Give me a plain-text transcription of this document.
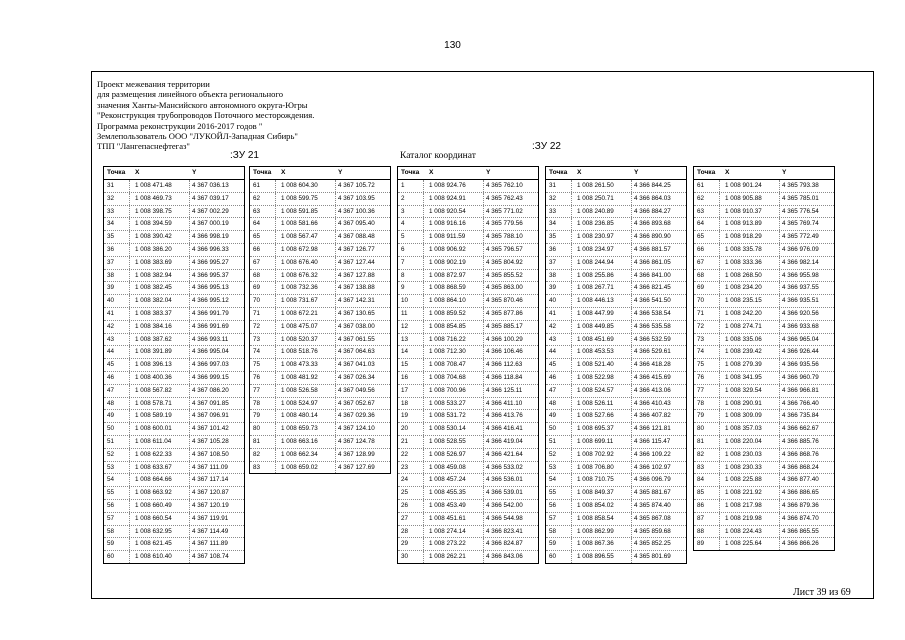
130
Проект межевания территории
для размещения линейного объекта регионального
значения Ханты-Мансийского автономного округа-Югры
"Реконструкция трубопроводов Поточного месторождения.
Программа реконструкции 2016-2017 годов "
Землепользователь ООО "ЛУКОЙЛ-Западная Сибирь"
ТПП "Лангепаснефтегаз"
:ЗУ 21	Каталог координат
:ЗУ 22
Точка	X	Y
31	1 008 471.48	4 367 036.13
32	1 008 469.73	4 367 039.17
33	1 008 398.75	4 367 002.29
34	1 008 394.59	4 367 000.19
35	1 008 390.42	4 366 998.19
36	1 008 386.20	4 366 996.33
37	1 008 383.69	4 366 995.27
38	1 008 382.94	4 366 995.37
39	1 008 382.45	4 366 995.13
40	1 008 382.04	4 366 995.12
41	1 008 383.37	4 366 991.79
42	1 008 384.16	4 366 991.69
43	1 008 387.62	4 366 993.11
44	1 008 391.89	4 366 995.04
45	1 008 396.13	4 366 997.03
46	1 008 400.36	4 366 999.15
47	1 008 567.82	4 367 086.20
48	1 008 578.71	4 367 091.85
49	1 008 589.19	4 367 096.91
50	1 008 600.01	4 367 101.42
51	1 008 611.04	4 367 105.28
52	1 008 622.33	4 367 108.50
53	1 008 633.67	4 367 111.09
54	1 008 664.66	4 367 117.14
55	1 008 663.92	4 367 120.87
56	1 008 660.49	4 367 120.19
57	1 008 660.54	4 367 119.91
58	1 008 632.95	4 367 114.49
59	1 008 621.45	4 367 111.89
60	1 008 610.40	4 367 108.74
Точка	X	Y
61	1 008 604.30	4 367 105.72
62	1 008 599.75	4 367 103.95
63	1 008 591.85	4 367 100.36
64	1 008 581.66	4 367 095.40
65	1 008 567.47	4 367 088.48
66	1 008 672.98	4 367 126.77
67	1 008 676.40	4 367 127.44
68	1 008 676.32	4 367 127.88
69	1 008 732.36	4 367 138.88
70	1 008 731.67	4 367 142.31
71	1 008 672.21	4 367 130.65
72	1 008 475.07	4 367 038.00
73	1 008 520.37	4 367 061.55
74	1 008 518.76	4 367 064.63
75	1 008 473.33	4 367 041.03
76	1 008 481.92	4 367 026.34
77	1 008 526.58	4 367 049.56
78	1 008 524.97	4 367 052.67
79	1 008 480.14	4 367 029.36
80	1 008 659.73	4 367 124.10
81	1 008 663.16	4 367 124.78
82	1 008 662.34	4 367 128.99
83	1 008 659.02	4 367 127.69
Точка	X	Y
1	1 008 924.76	4 365 762.10
2	1 008 924.91	4 365 762.43
3	1 008 920.54	4 365 771.02
4	1 008 916.16	4 365 779.56
5	1 008 911.59	4 365 788.10
6	1 008 906.92	4 365 796.57
7	1 008 902.19	4 365 804.92
8	1 008 872.97	4 365 855.52
9	1 008 868.59	4 365 863.00
10	1 008 864.10	4 365 870.46
11	1 008 859.52	4 365 877.86
12	1 008 854.85	4 365 885.17
13	1 008 716.22	4 366 100.29
14	1 008 712.30	4 366 106.46
15	1 008 708.47	4 366 112.63
16	1 008 704.68	4 366 118.84
17	1 008 700.96	4 366 125.11
18	1 008 533.27	4 366 411.10
19	1 008 531.72	4 366 413.76
20	1 008 530.14	4 366 416.41
21	1 008 528.55	4 366 419.04
22	1 008 526.97	4 366 421.64
23	1 008 459.08	4 366 533.02
24	1 008 457.24	4 366 536.01
25	1 008 455.35	4 366 539.01
26	1 008 453.49	4 366 542.00
27	1 008 451.61	4 366 544.98
28	1 008 274.14	4 366 823.41
29	1 008 273.22	4 366 824.87
30	1 008 262.21	4 366 843.06
Точка	X	Y
31	1 008 261.50	4 366 844.25
32	1 008 250.71	4 366 864.03
33	1 008 240.89	4 366 884.27
34	1 008 236.85	4 366 893.68
35	1 008 230.97	4 366 890.90
36	1 008 234.97	4 366 881.57
37	1 008 244.94	4 366 861.05
38	1 008 255.86	4 366 841.00
39	1 008 267.71	4 366 821.45
40	1 008 446.13	4 366 541.50
41	1 008 447.99	4 366 538.54
42	1 008 449.85	4 366 535.58
43	1 008 451.69	4 366 532.59
44	1 008 453.53	4 366 529.61
45	1 008 521.40	4 366 418.28
46	1 008 522.98	4 366 415.69
47	1 008 524.57	4 366 413.06
48	1 008 526.11	4 366 410.43
49	1 008 527.66	4 366 407.82
50	1 008 695.37	4 366 121.81
51	1 008 699.11	4 366 115.47
52	1 008 702.92	4 366 109.22
53	1 008 706.80	4 366 102.97
54	1 008 710.75	4 366 096.79
55	1 008 849.37	4 365 881.67
56	1 008 854.02	4 365 874.40
57	1 008 858.54	4 365 867.08
58	1 008 862.99	4 365 859.68
59	1 008 867.36	4 365 852.25
60	1 008 896.55	4 365 801.69
Точка	X	Y
61	1 008 901.24	4 365 793.38
62	1 008 905.88	4 365 785.01
63	1 008 910.37	4 365 776.54
64	1 008 913.89	4 365 769.74
65	1 008 918.29	4 365 772.49
66	1 008 335.78	4 366 976.09
67	1 008 333.36	4 366 982.14
68	1 008 268.50	4 366 955.98
69	1 008 234.20	4 366 937.55
70	1 008 235.15	4 366 935.51
71	1 008 242.20	4 366 920.56
72	1 008 274.71	4 366 933.68
73	1 008 335.06	4 366 965.04
74	1 008 239.42	4 366 926.44
75	1 008 279.39	4 366 935.56
76	1 008 341.95	4 366 960.79
77	1 008 329.54	4 366 966.81
78	1 008 290.91	4 366 766.40
79	1 008 309.09	4 366 735.84
80	1 008 357.03	4 366 662.67
81	1 008 220.04	4 366 885.76
82	1 008 230.03	4 366 868.76
83	1 008 230.33	4 366 868.24
84	1 008 225.88	4 366 877.40
85	1 008 221.92	4 366 886.65
86	1 008 217.98	4 366 879.36
87	1 008 219.98	4 366 874.70
88	1 008 224.43	4 366 865.55
89	1 008 225.64	4 366 866.26
Лист 39 из 69
